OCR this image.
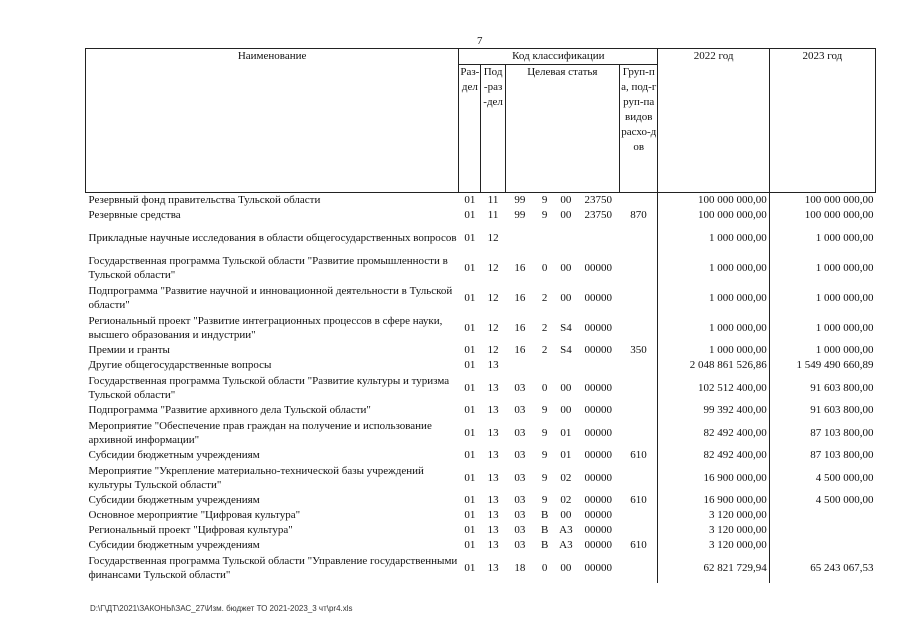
7
Наименование	Код классификации							2022 год	2023 год
	Раз-дел	Под-раз-дел	Целевая статья				Груп-па, под-груп-па видов расхо-дов		
Резервный фонд правительства Тульской области	01	11	99	9	00	23750		100 000 000,00	100 000 000,00
Резервные средства	01	11	99	9	00	23750	870	100 000 000,00	100 000 000,00
Прикладные научные исследования в области общегосударственных вопросов	01	12						1 000 000,00	1 000 000,00
Государственная программа Тульской области "Развитие промышленности в Тульской области"	01	12	16	0	00	00000		1 000 000,00	1 000 000,00
Подпрограмма "Развитие научной и инновационной деятельности в Тульской области"	01	12	16	2	00	00000		1 000 000,00	1 000 000,00
Региональный проект "Развитие интеграционных процессов в сфере науки, высшего образования и индустрии"	01	12	16	2	S4	00000		1 000 000,00	1 000 000,00
Премии и гранты	01	12	16	2	S4	00000	350	1 000 000,00	1 000 000,00
Другие общегосударственные вопросы	01	13						2 048 861 526,86	1 549 490 660,89
Государственная программа Тульской области "Развитие культуры и туризма Тульской области"	01	13	03	0	00	00000		102 512 400,00	91 603 800,00
Подпрограмма "Развитие архивного дела Тульской области"	01	13	03	9	00	00000		99 392 400,00	91 603 800,00
Мероприятие "Обеспечение прав граждан на получение и использование архивной информации"	01	13	03	9	01	00000		82 492 400,00	87 103 800,00
Субсидии бюджетным учреждениям	01	13	03	9	01	00000	610	82 492 400,00	87 103 800,00
Мероприятие "Укрепление материально-технической базы учреждений культуры Тульской области"	01	13	03	9	02	00000		16 900 000,00	4 500 000,00
Субсидии бюджетным учреждениям	01	13	03	9	02	00000	610	16 900 000,00	4 500 000,00
Основное мероприятие "Цифровая культура"	01	13	03	В	00	00000		3 120 000,00	
Региональный проект "Цифровая культура"	01	13	03	В	А3	00000		3 120 000,00	
Субсидии бюджетным учреждениям	01	13	03	В	А3	00000	610	3 120 000,00	
Государственная программа Тульской области "Управление государственными финансами Тульской области"	01	13	18	0	00	00000		62 821 729,94	65 243 067,53
D:\Г\ДТ\2021\ЗАКОНЫ\ЗАС_27\Изм. бюджет ТО 2021-2023_3 чт\pr4.xls
